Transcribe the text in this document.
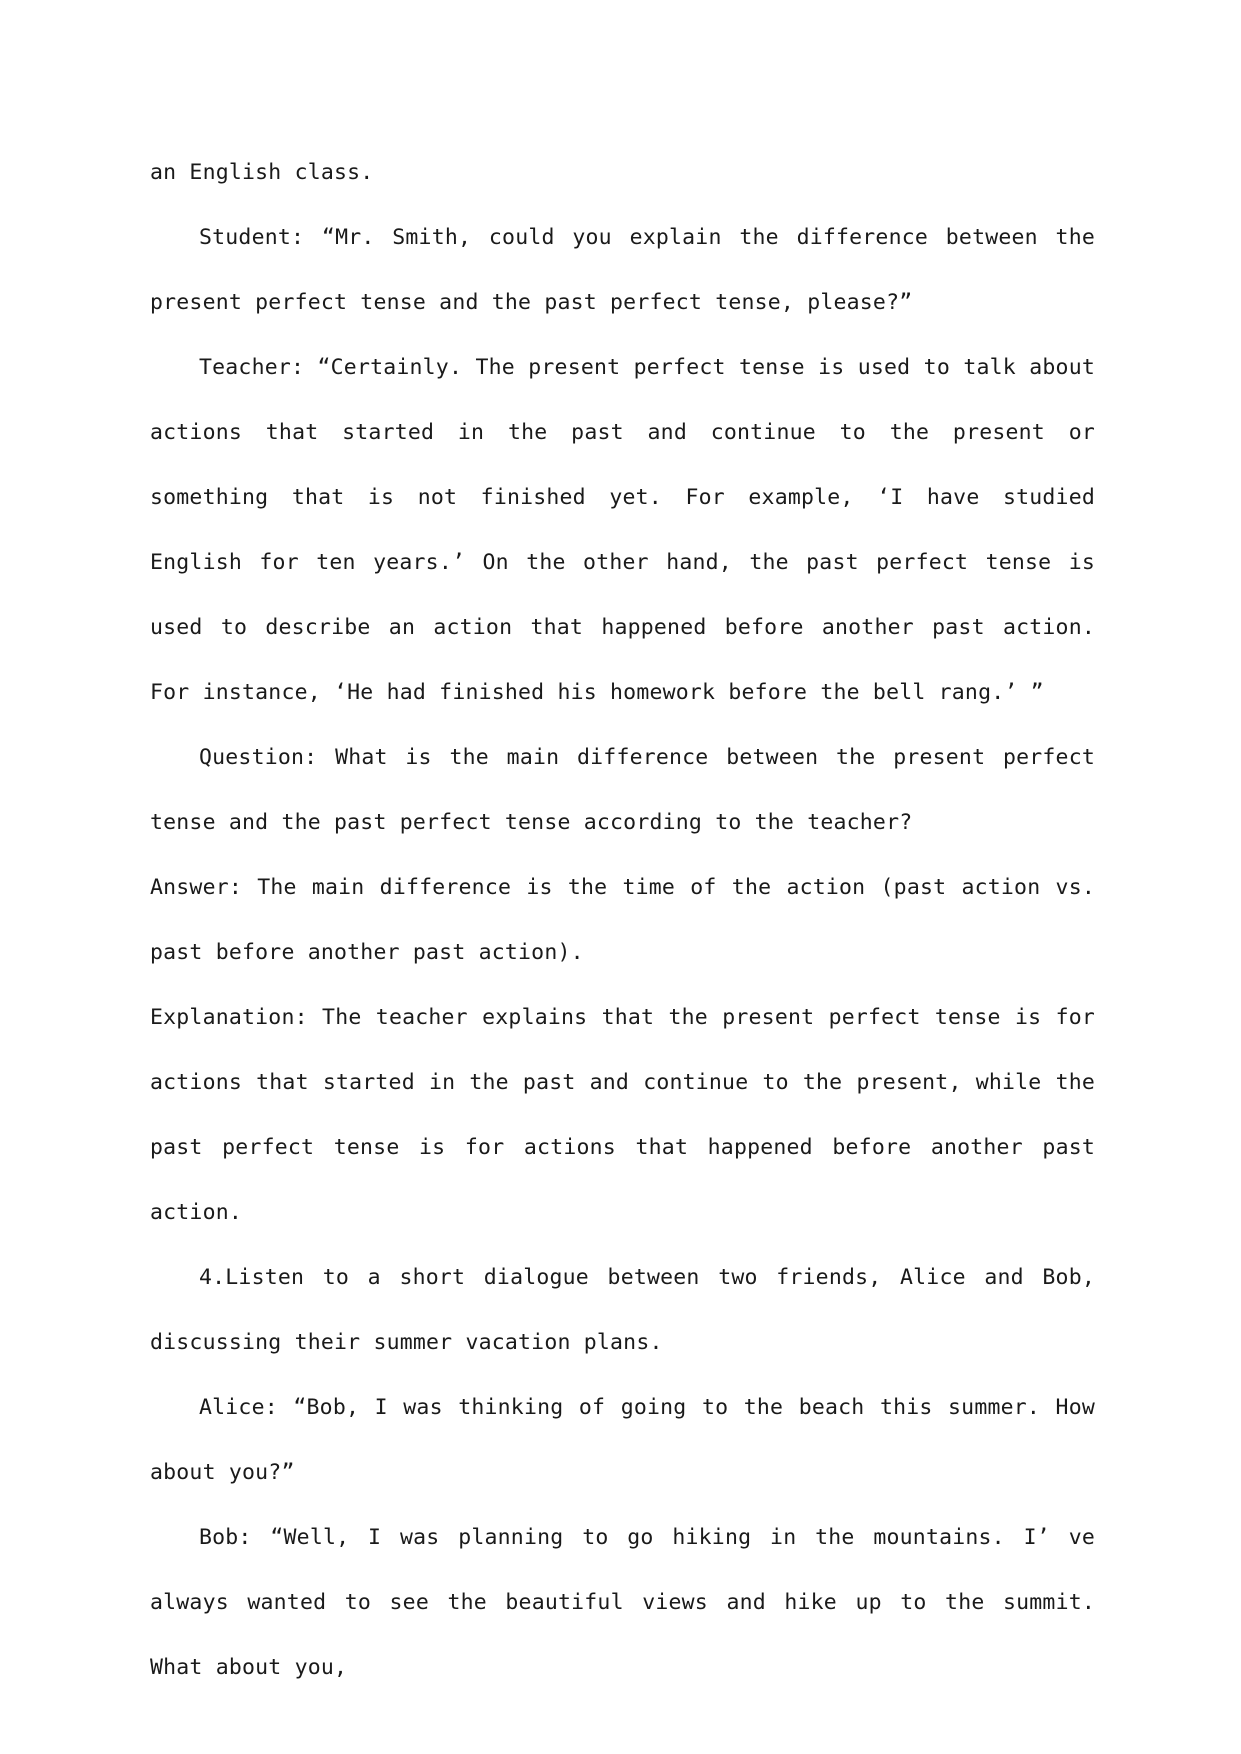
an English class.

Student: “Mr. Smith, could you explain the difference between the present perfect tense and the past perfect tense, please?”

Teacher: “Certainly. The present perfect tense is used to talk about actions that started in the past and continue to the present or something that is not finished yet. For example, ‘I have studied English for ten years.’ On the other hand, the past perfect tense is used to describe an action that happened before another past action. For instance, ‘He had finished his homework before the bell rang.’ ”

Question: What is the main difference between the present perfect tense and the past perfect tense according to the teacher?

Answer: The main difference is the time of the action (past action vs. past before another past action).

Explanation: The teacher explains that the present perfect tense is for actions that started in the past and continue to the present, while the past perfect tense is for actions that happened before another past action.

4.Listen to a short dialogue between two friends, Alice and Bob, discussing their summer vacation plans.

Alice: “Bob, I was thinking of going to the beach this summer. How about you?”

Bob: “Well, I was planning to go hiking in the mountains. I’ ve always wanted to see the beautiful views and hike up to the summit. What about you,
